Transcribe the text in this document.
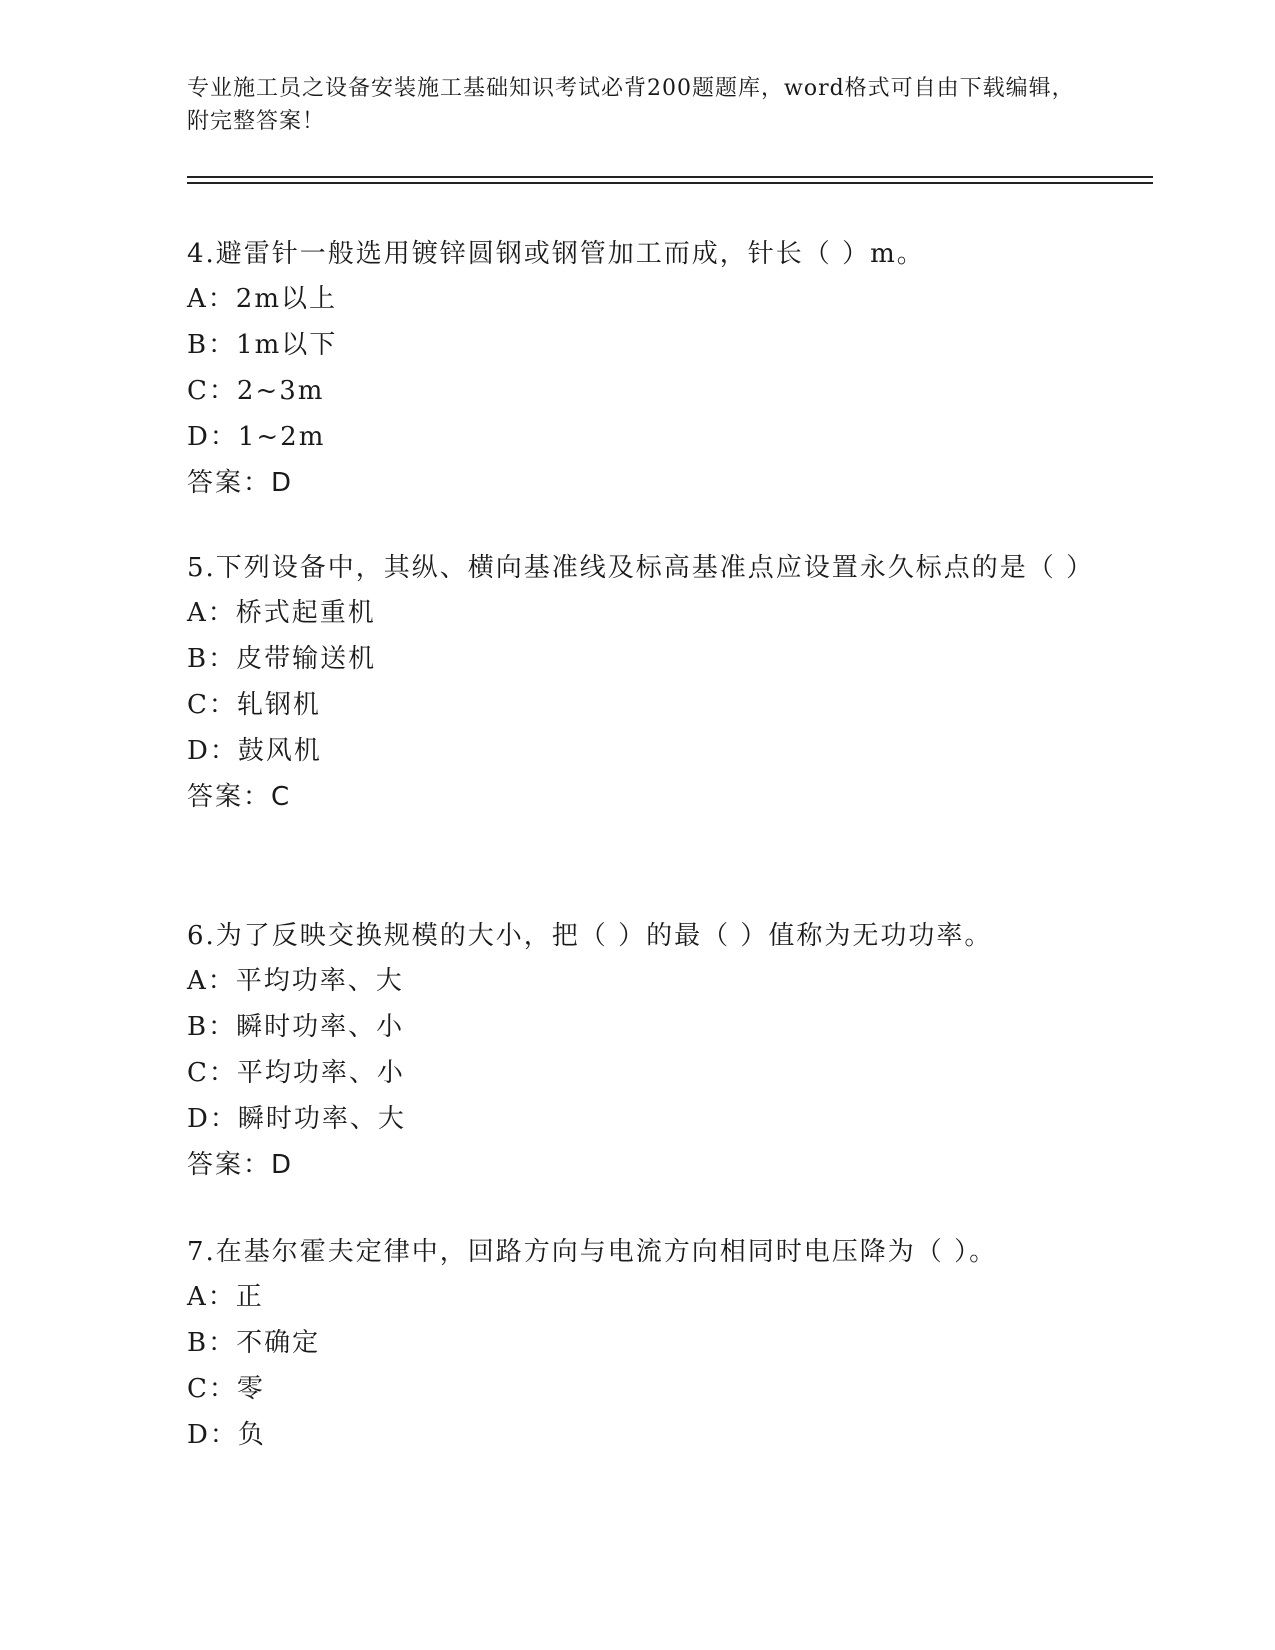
专业施工员之设备安装施工基础知识考试必背200题题库，word格式可自由下载编辑，附完整答案！

4.避雷针一般选用镀锌圆钢或钢管加工而成，针长（ ）m。

A：2m以上

B：1m以下

C：2~3m

D：1~2m

答案：D

5.下列设备中，其纵、横向基准线及标高基准点应设置永久标点的是（ ）

A：桥式起重机

B：皮带输送机

C：轧钢机

D：鼓风机

答案：C

6.为了反映交换规模的大小，把（ ）的最（ ）值称为无功功率。

A：平均功率、大

B：瞬时功率、小

C：平均功率、小

D：瞬时功率、大

答案：D

7.在基尔霍夫定律中，回路方向与电流方向相同时电压降为（ ）。

A：正

B：不确定

C：零

D：负
